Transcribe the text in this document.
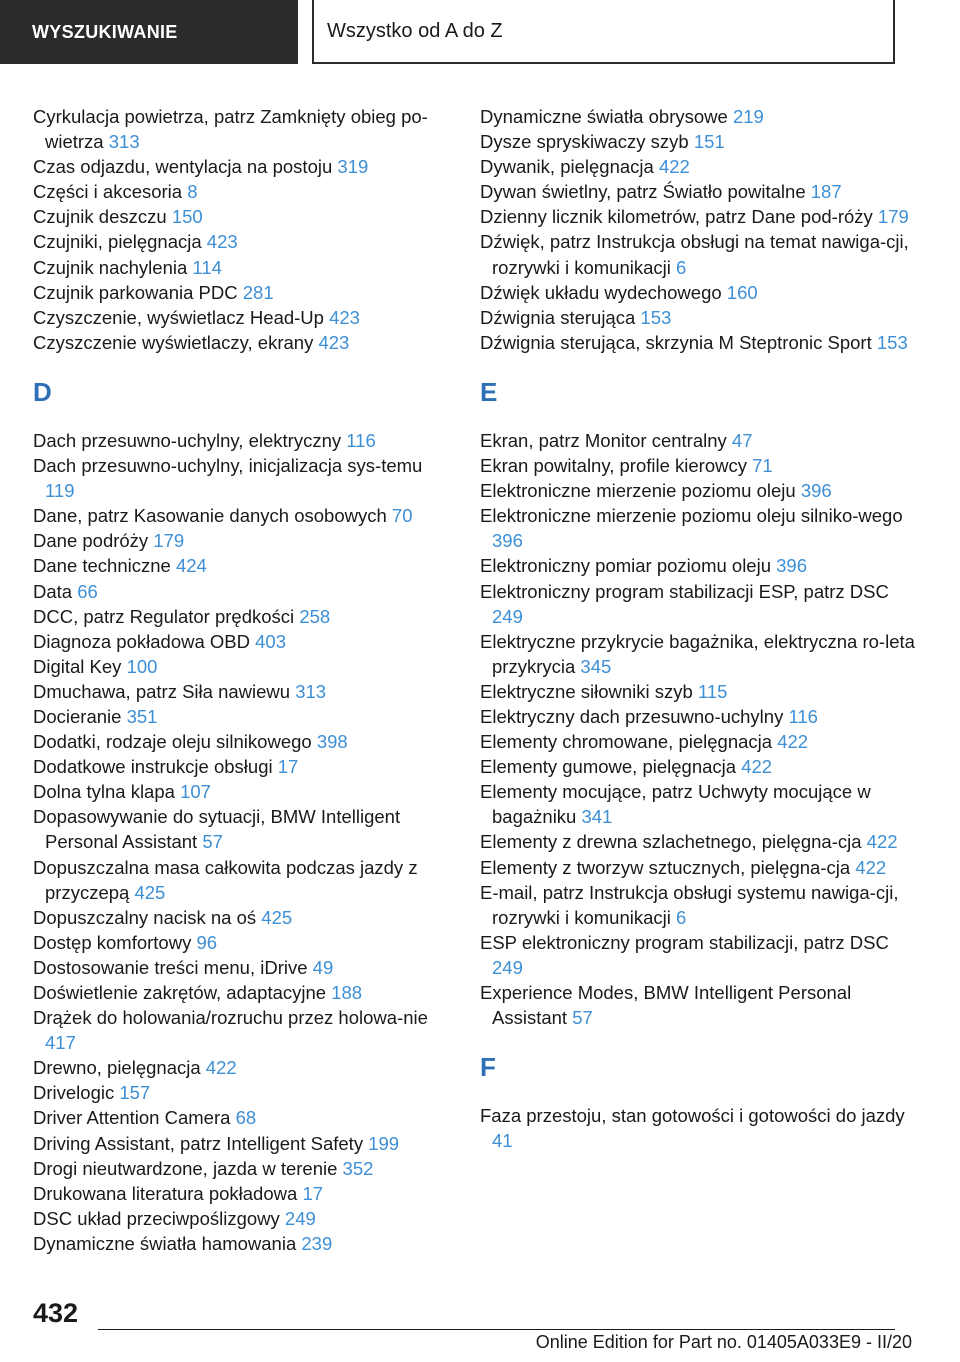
WYSZUKIWANIE	Wszystko od A do Z

Cyrkulacja powietrza, patrz Zamknięty obieg po-wietrza 313

Czas odjazdu, wentylacja na postoju 319

Części i akcesoria 8

Czujnik deszczu 150

Czujniki, pielęgnacja 423

Czujnik nachylenia 114

Czujnik parkowania PDC 281

Czyszczenie, wyświetlacz Head-Up 423

Czyszczenie wyświetlaczy, ekrany 423

D

Dach przesuwno-uchylny, elektryczny 116

Dach przesuwno-uchylny, inicjalizacja sys-temu 119

Dane, patrz Kasowanie danych osobowych 70

Dane podróży 179

Dane techniczne 424

Data 66

DCC, patrz Regulator prędkości 258

Diagnoza pokładowa OBD 403

Digital Key 100

Dmuchawa, patrz Siła nawiewu 313

Docieranie 351

Dodatki, rodzaje oleju silnikowego 398

Dodatkowe instrukcje obsługi 17

Dolna tylna klapa 107

Dopasowywanie do sytuacji, BMW Intelligent Personal Assistant 57

Dopuszczalna masa całkowita podczas jazdy z przyczepą 425

Dopuszczalny nacisk na oś 425

Dostęp komfortowy 96

Dostosowanie treści menu, iDrive 49

Doświetlenie zakrętów, adaptacyjne 188

Drążek do holowania/rozruchu przez holowa-nie 417

Drewno, pielęgnacja 422

Drivelogic 157

Driver Attention Camera 68

Driving Assistant, patrz Intelligent Safety 199

Drogi nieutwardzone, jazda w terenie 352

Drukowana literatura pokładowa 17

DSC układ przeciwpoślizgowy 249

Dynamiczne światła hamowania 239

Dynamiczne światła obrysowe 219

Dysze spryskiwaczy szyb 151

Dywanik, pielęgnacja 422

Dywan świetlny, patrz Światło powitalne 187

Dzienny licznik kilometrów, patrz Dane pod-róży 179

Dźwięk, patrz Instrukcja obsługi na temat nawiga-cji, rozrywki i komunikacji 6

Dźwięk układu wydechowego 160

Dźwignia sterująca 153

Dźwignia sterująca, skrzynia M Steptronic Sport 153

E

Ekran, patrz Monitor centralny 47

Ekran powitalny, profile kierowcy 71

Elektroniczne mierzenie poziomu oleju 396

Elektroniczne mierzenie poziomu oleju silniko-wego 396

Elektroniczny pomiar poziomu oleju 396

Elektroniczny program stabilizacji ESP, patrz DSC 249

Elektryczne przykrycie bagażnika, elektryczna ro-leta przykrycia 345

Elektryczne siłowniki szyb 115

Elektryczny dach przesuwno-uchylny 116

Elementy chromowane, pielęgnacja 422

Elementy gumowe, pielęgnacja 422

Elementy mocujące, patrz Uchwyty mocujące w bagażniku 341

Elementy z drewna szlachetnego, pielęgna-cja 422

Elementy z tworzyw sztucznych, pielęgna-cja 422

E-mail, patrz Instrukcja obsługi systemu nawiga-cji, rozrywki i komunikacji 6

ESP elektroniczny program stabilizacji, patrz DSC 249

Experience Modes, BMW Intelligent Personal Assistant 57

F

Faza przestoju, stan gotowości i gotowości do jazdy 41

432
Online Edition for Part no. 01405A033E9 - II/20
